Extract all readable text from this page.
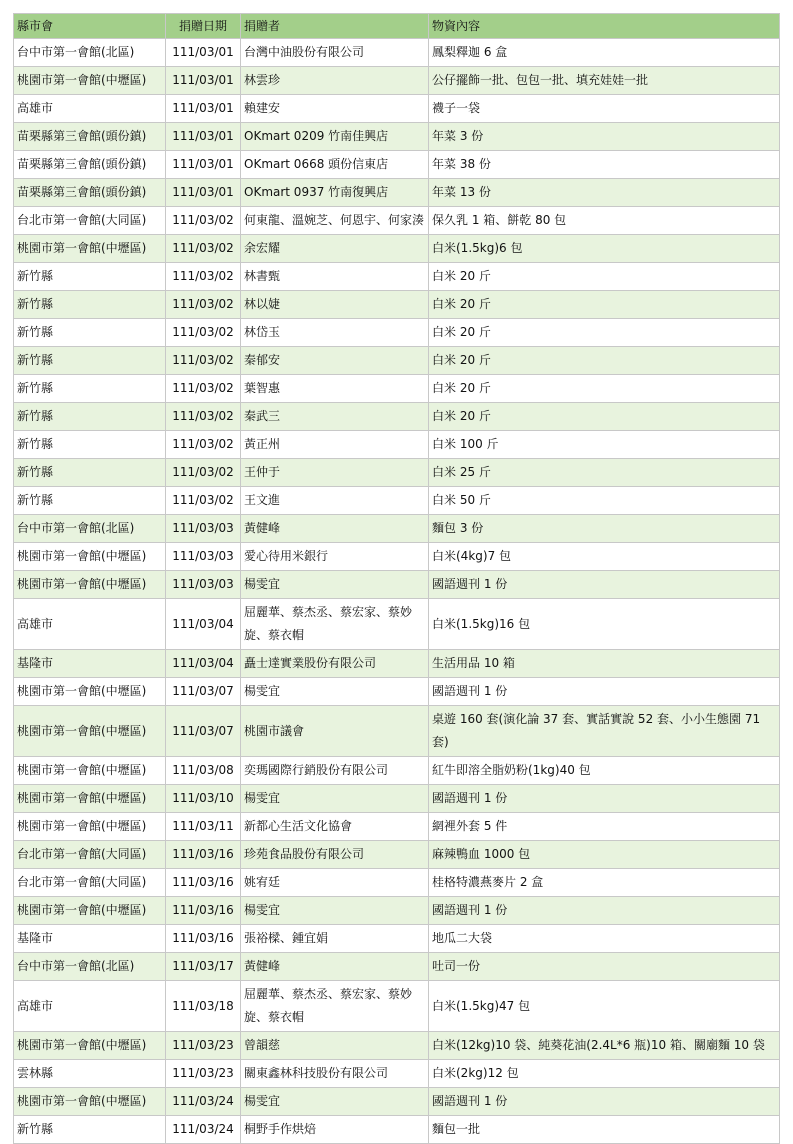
縣市會	捐贈日期	捐贈者	物資內容
台中市第一會館(北區)	111/03/01	台灣中油股份有限公司	鳳梨釋迦 6 盒
桃園市第一會館(中壢區)	111/03/01	林雲珍	公仔擺飾一批、包包一批、填充娃娃一批
高雄市	111/03/01	賴建安	襪子一袋
苗栗縣第三會館(頭份鎮)	111/03/01	OKmart 0209 竹南佳興店	年菜 3 份
苗栗縣第三會館(頭份鎮)	111/03/01	OKmart 0668 頭份信東店	年菜 38 份
苗栗縣第三會館(頭份鎮)	111/03/01	OKmart 0937 竹南復興店	年菜 13 份
台北市第一會館(大同區)	111/03/02	何東龍、溫婉芝、何恩宇、何家湊	保久乳 1 箱、餅乾 80 包
桃園市第一會館(中壢區)	111/03/02	余宏耀	白米(1.5kg)6 包
新竹縣	111/03/02	林書甄	白米 20 斤
新竹縣	111/03/02	林以婕	白米 20 斤
新竹縣	111/03/02	林岱玉	白米 20 斤
新竹縣	111/03/02	秦郁安	白米 20 斤
新竹縣	111/03/02	葉智惠	白米 20 斤
新竹縣	111/03/02	秦武三	白米 20 斤
新竹縣	111/03/02	黃正州	白米 100 斤
新竹縣	111/03/02	王仲于	白米 25 斤
新竹縣	111/03/02	王文進	白米 50 斤
台中市第一會館(北區)	111/03/03	黃健峰	麵包 3 份
桃園市第一會館(中壢區)	111/03/03	愛心待用米銀行	白米(4kg)7 包
桃園市第一會館(中壢區)	111/03/03	楊雯宜	國語週刊 1 份
高雄市	111/03/04	屈麗華、蔡杰丞、蔡宏家、蔡妙旋、蔡衣帽	白米(1.5kg)16 包
基隆市	111/03/04	矗士達實業股份有限公司	生活用品 10 箱
桃園市第一會館(中壢區)	111/03/07	楊雯宜	國語週刊 1 份
桃園市第一會館(中壢區)	111/03/07	桃園市議會	桌遊 160 套(演化論 37 套、實話實說 52 套、小小生態園 71 套)
桃園市第一會館(中壢區)	111/03/08	奕瑪國際行銷股份有限公司	紅牛即溶全脂奶粉(1kg)40 包
桃園市第一會館(中壢區)	111/03/10	楊雯宜	國語週刊 1 份
桃園市第一會館(中壢區)	111/03/11	新都心生活文化協會	網裡外套 5 件
台北市第一會館(大同區)	111/03/16	珍苑食品股份有限公司	麻辣鴨血 1000 包
台北市第一會館(大同區)	111/03/16	姚宥廷	桂格特濃燕麥片 2 盒
桃園市第一會館(中壢區)	111/03/16	楊雯宜	國語週刊 1 份
基隆市	111/03/16	張裕樑、鍾宜娟	地瓜二大袋
台中市第一會館(北區)	111/03/17	黃健峰	吐司一份
高雄市	111/03/18	屈麗華、蔡杰丞、蔡宏家、蔡妙旋、蔡衣帽	白米(1.5kg)47 包
桃園市第一會館(中壢區)	111/03/23	曾韻慈	白米(12kg)10 袋、純葵花油(2.4L*6 瓶)10 箱、關廟麵 10 袋
雲林縣	111/03/23	關東鑫林科技股份有限公司	白米(2kg)12 包
桃園市第一會館(中壢區)	111/03/24	楊雯宜	國語週刊 1 份
新竹縣	111/03/24	桐野手作烘焙	麵包一批
